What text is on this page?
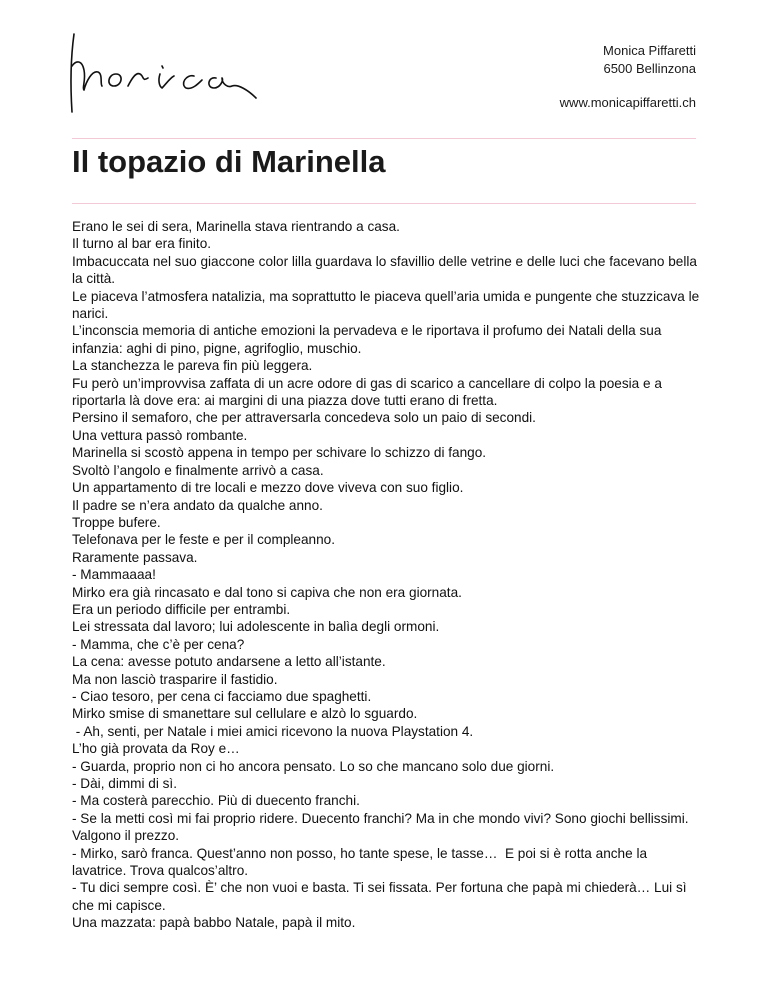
Monica Piffaretti
6500 Bellinzona
www.monicapiffaretti.ch
Il topazio di Marinella

Erano le sei di sera, Marinella stava rientrando a casa.

Il turno al bar era finito.

Imbacuccata nel suo giaccone color lilla guardava lo sfavillio delle vetrine e delle luci che facevano bella la città.

Le piaceva l’atmosfera natalizia, ma soprattutto le piaceva quell’aria umida e pungente che stuzzicava le narici.

L’inconscia memoria di antiche emozioni la pervadeva e le riportava il profumo dei Natali della sua infanzia: aghi di pino, pigne, agrifoglio, muschio.

La stanchezza le pareva fin più leggera.

Fu però un’improvvisa zaffata di un acre odore di gas di scarico a cancellare di colpo la poesia e a riportarla là dove era: ai margini di una piazza dove tutti erano di fretta.

Persino il semaforo, che per attraversarla concedeva solo un paio di secondi.

Una vettura passò rombante.

Marinella si scostò appena in tempo per schivare lo schizzo di fango.

Svoltò l’angolo e finalmente arrivò a casa.

Un appartamento di tre locali e mezzo dove viveva con suo figlio.

Il padre se n’era andato da qualche anno.

Troppe bufere.

Telefonava per le feste e per il compleanno.

Raramente passava.

- Mammaaaa!

Mirko era già rincasato e dal tono si capiva che non era giornata.

Era un periodo difficile per entrambi.

Lei stressata dal lavoro; lui adolescente in balìa degli ormoni.

- Mamma, che c’è per cena?

La cena: avesse potuto andarsene a letto all’istante.

Ma non lasciò trasparire il fastidio.

- Ciao tesoro, per cena ci facciamo due spaghetti.

Mirko smise di smanettare sul cellulare e alzò lo sguardo.

- Ah, senti, per Natale i miei amici ricevono la nuova Playstation 4.

L’ho già provata da Roy e…

- Guarda, proprio non ci ho ancora pensato. Lo so che mancano solo due giorni.

- Dài, dimmi di sì.

- Ma costerà parecchio. Più di duecento franchi.

- Se la metti così mi fai proprio ridere. Duecento franchi? Ma in che mondo vivi? Sono giochi bellissimi. Valgono il prezzo.

- Mirko, sarò franca. Quest’anno non posso, ho tante spese, le tasse…  E poi si è rotta anche la lavatrice. Trova qualcos’altro.

- Tu dici sempre così. È’ che non vuoi e basta. Ti sei fissata. Per fortuna che papà mi chiederà… Lui sì che mi capisce.

Una mazzata: papà babbo Natale, papà il mito.
